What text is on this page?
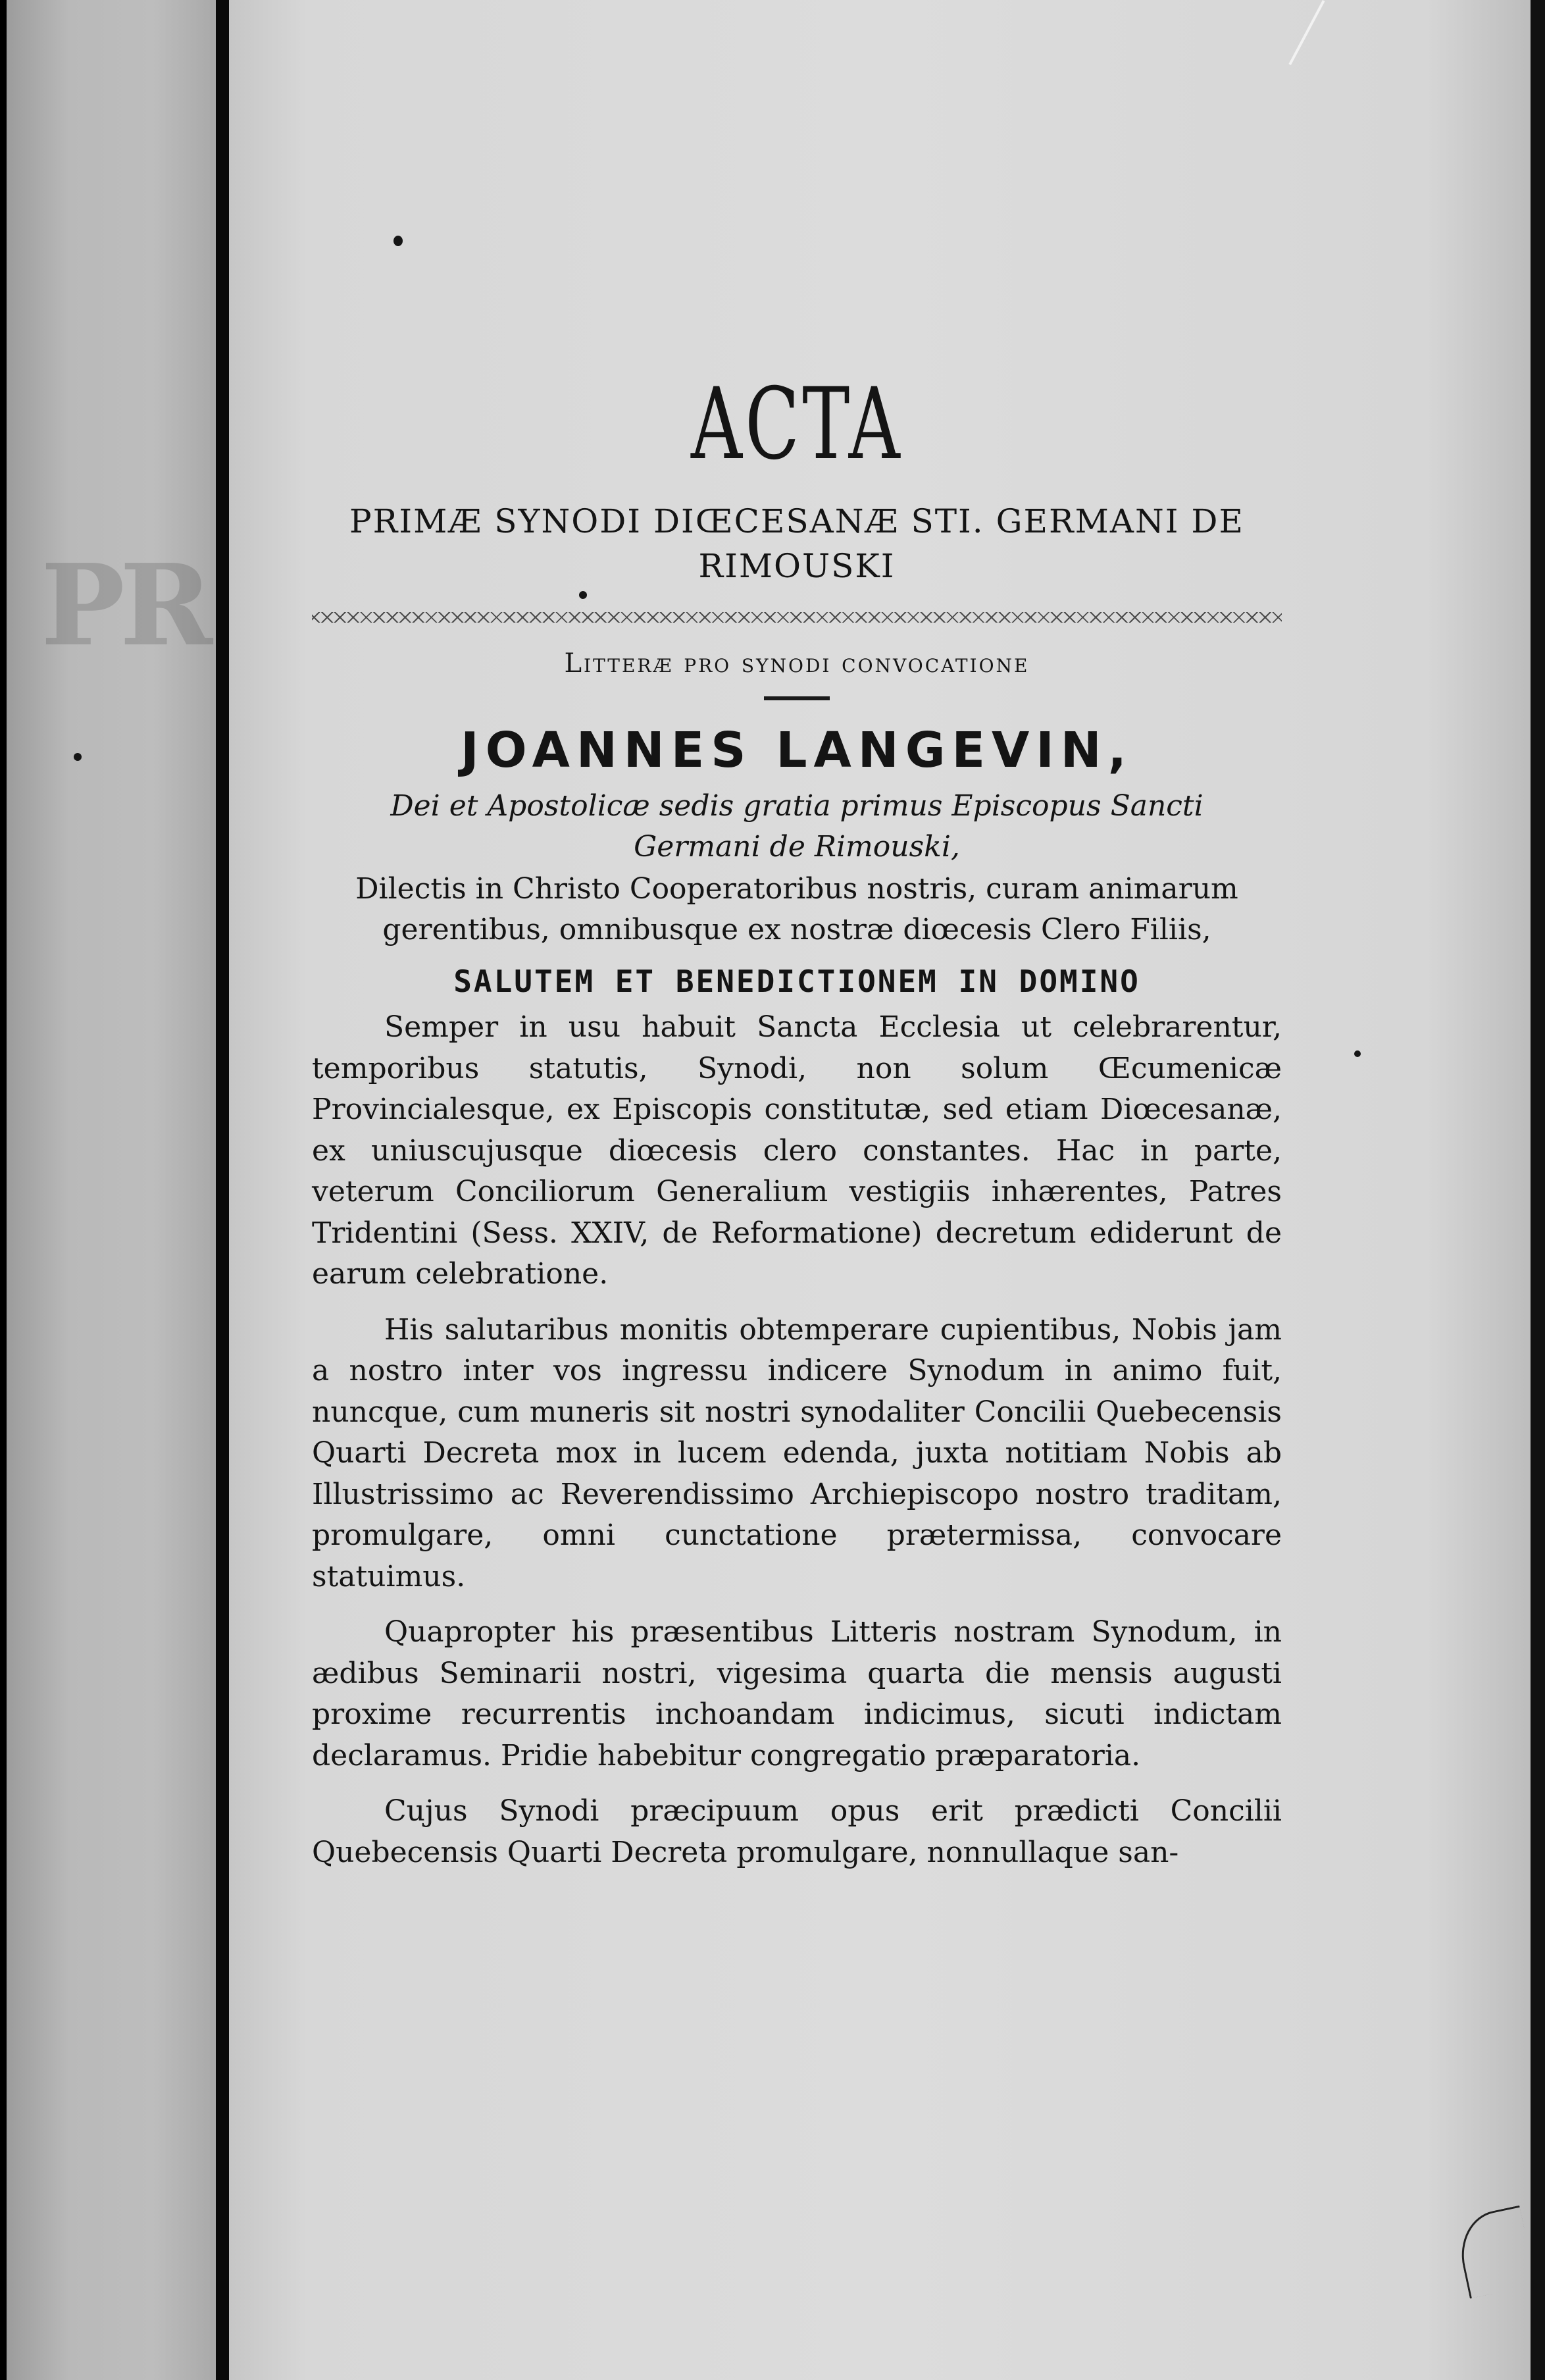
PR
ACTA
PRIMÆ SYNODI DIŒCESANÆ STI. GERMANI DE RIMOUSKI
Litteræ pro synodi convocatione
JOANNES LANGEVIN,
Dei et Apostolicæ sedis gratia primus Episcopus Sancti Germani de Rimouski,
Dilectis in Christo Cooperatoribus nostris, curam animarum gerentibus, omnibusque ex nostræ diœcesis Clero Filiis,
SALUTEM ET BENEDICTIONEM IN DOMINO

Semper in usu habuit Sancta Ecclesia ut celebrarentur, temporibus statutis, Synodi, non solum Œcumenicæ Provincialesque, ex Episcopis constitutæ, sed etiam Diœcesanæ, ex uniuscujusque diœcesis clero constantes. Hac in parte, veterum Conciliorum Generalium vestigiis inhærentes, Patres Tridentini (Sess. XXIV, de Reformatione) decretum ediderunt de earum celebratione.

His salutaribus monitis obtemperare cupientibus, Nobis jam a nostro inter vos ingressu indicere Synodum in animo fuit, nuncque, cum muneris sit nostri synodaliter Concilii Quebecensis Quarti Decreta mox in lucem edenda, juxta notitiam Nobis ab Illustrissimo ac Reverendissimo Archiepiscopo nostro traditam, promulgare, omni cunctatione prætermissa, convocare statuimus.

Quapropter his præsentibus Litteris nostram Synodum, in ædibus Seminarii nostri, vigesima quarta die mensis augusti proxime recurrentis inchoandam indicimus, sicuti indictam declaramus. Pridie habebitur congregatio præparatoria.

Cujus Synodi præcipuum opus erit prædicti Concilii Quebecensis Quarti Decreta promulgare, nonnullaque san-
